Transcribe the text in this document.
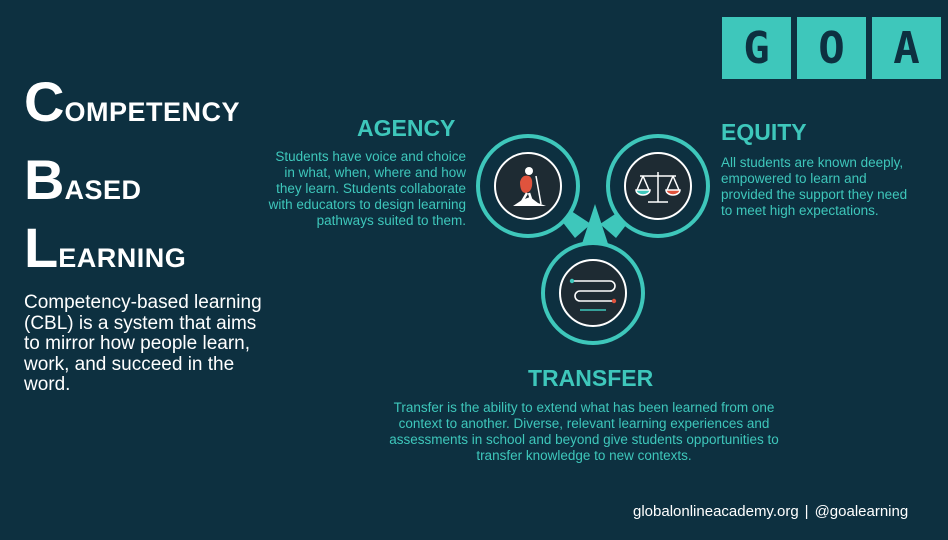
G	O	A
COMPETENCY
BASED
LEARNING
Competency-based learning (CBL) is a system that aims to mirror how people learn, work, and succeed in the word.
AGENCY
Students have voice and choice in what, when, where and how they learn. Students collaborate with educators to design learning pathways suited to them.
EQUITY
All students are known deeply, empowered to learn and provided the support they need to meet high expectations.
TRANSFER
Transfer is the ability to extend what has been learned from one context to another. Diverse, relevant learning experiences and assessments in school and beyond give students opportunities to transfer knowledge to new contexts.
globalonlineacademy.org | @goalearning
